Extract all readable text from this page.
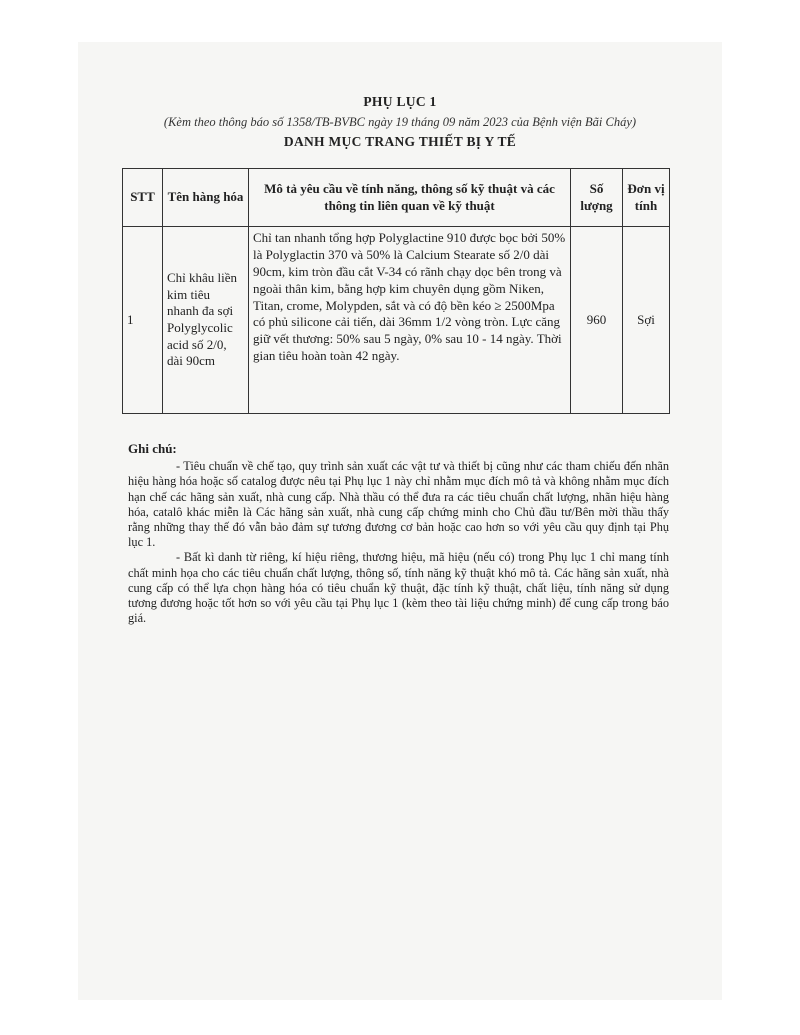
PHỤ LỤC 1
(Kèm theo thông báo số 1358/TB-BVBC ngày 19 tháng 09 năm 2023 của Bệnh viện Bãi Cháy)
DANH MỤC TRANG THIẾT BỊ Y TẾ
STT	Tên hàng hóa	Mô tả yêu cầu về tính năng, thông số kỹ thuật và các thông tin liên quan về kỹ thuật	Số lượng	Đơn vị tính
1	Chỉ khâu liền kim tiêu nhanh đa sợi Polyglycolic acid số 2/0, dài 90cm	Chỉ tan nhanh tổng hợp Polyglactine 910 được bọc bởi 50% là Polyglactin 370 và 50% là Calcium Stearate số 2/0 dài 90cm, kim tròn đầu cắt V-34 có rãnh chạy dọc bên trong và ngoài thân kim, bằng hợp kim chuyên dụng gồm Niken, Titan, crome, Molypden, sắt và có độ bền kéo ≥ 2500Mpa có phủ silicone cải tiến, dài 36mm 1/2 vòng tròn. Lực căng giữ vết thương: 50% sau 5 ngày, 0% sau 10 - 14 ngày. Thời gian tiêu hoàn toàn 42 ngày.	960	Sợi
Ghi chú:

- Tiêu chuẩn về chế tạo, quy trình sản xuất các vật tư và thiết bị cũng như các tham chiếu đến nhãn hiệu hàng hóa hoặc số catalog được nêu tại Phụ lục 1 này chỉ nhằm mục đích mô tả và không nhằm mục đích hạn chế các hãng sản xuất, nhà cung cấp. Nhà thầu có thể đưa ra các tiêu chuẩn chất lượng, nhãn hiệu hàng hóa, catalô khác miễn là Các hãng sản xuất, nhà cung cấp chứng minh cho Chủ đầu tư/Bên mời thầu thấy rằng những thay thế đó vẫn bảo đảm sự tương đương cơ bản hoặc cao hơn so với yêu cầu quy định tại Phụ lục 1.

- Bất kì danh từ riêng, kí hiệu riêng, thương hiệu, mã hiệu (nếu có) trong Phụ lục 1 chỉ mang tính chất minh họa cho các tiêu chuẩn chất lượng, thông số, tính năng kỹ thuật khó mô tả. Các hãng sản xuất, nhà cung cấp có thể lựa chọn hàng hóa có tiêu chuẩn kỹ thuật, đặc tính kỹ thuật, chất liệu, tính năng sử dụng tương đương hoặc tốt hơn so với yêu cầu tại Phụ lục 1 (kèm theo tài liệu chứng minh) để cung cấp trong báo giá.
